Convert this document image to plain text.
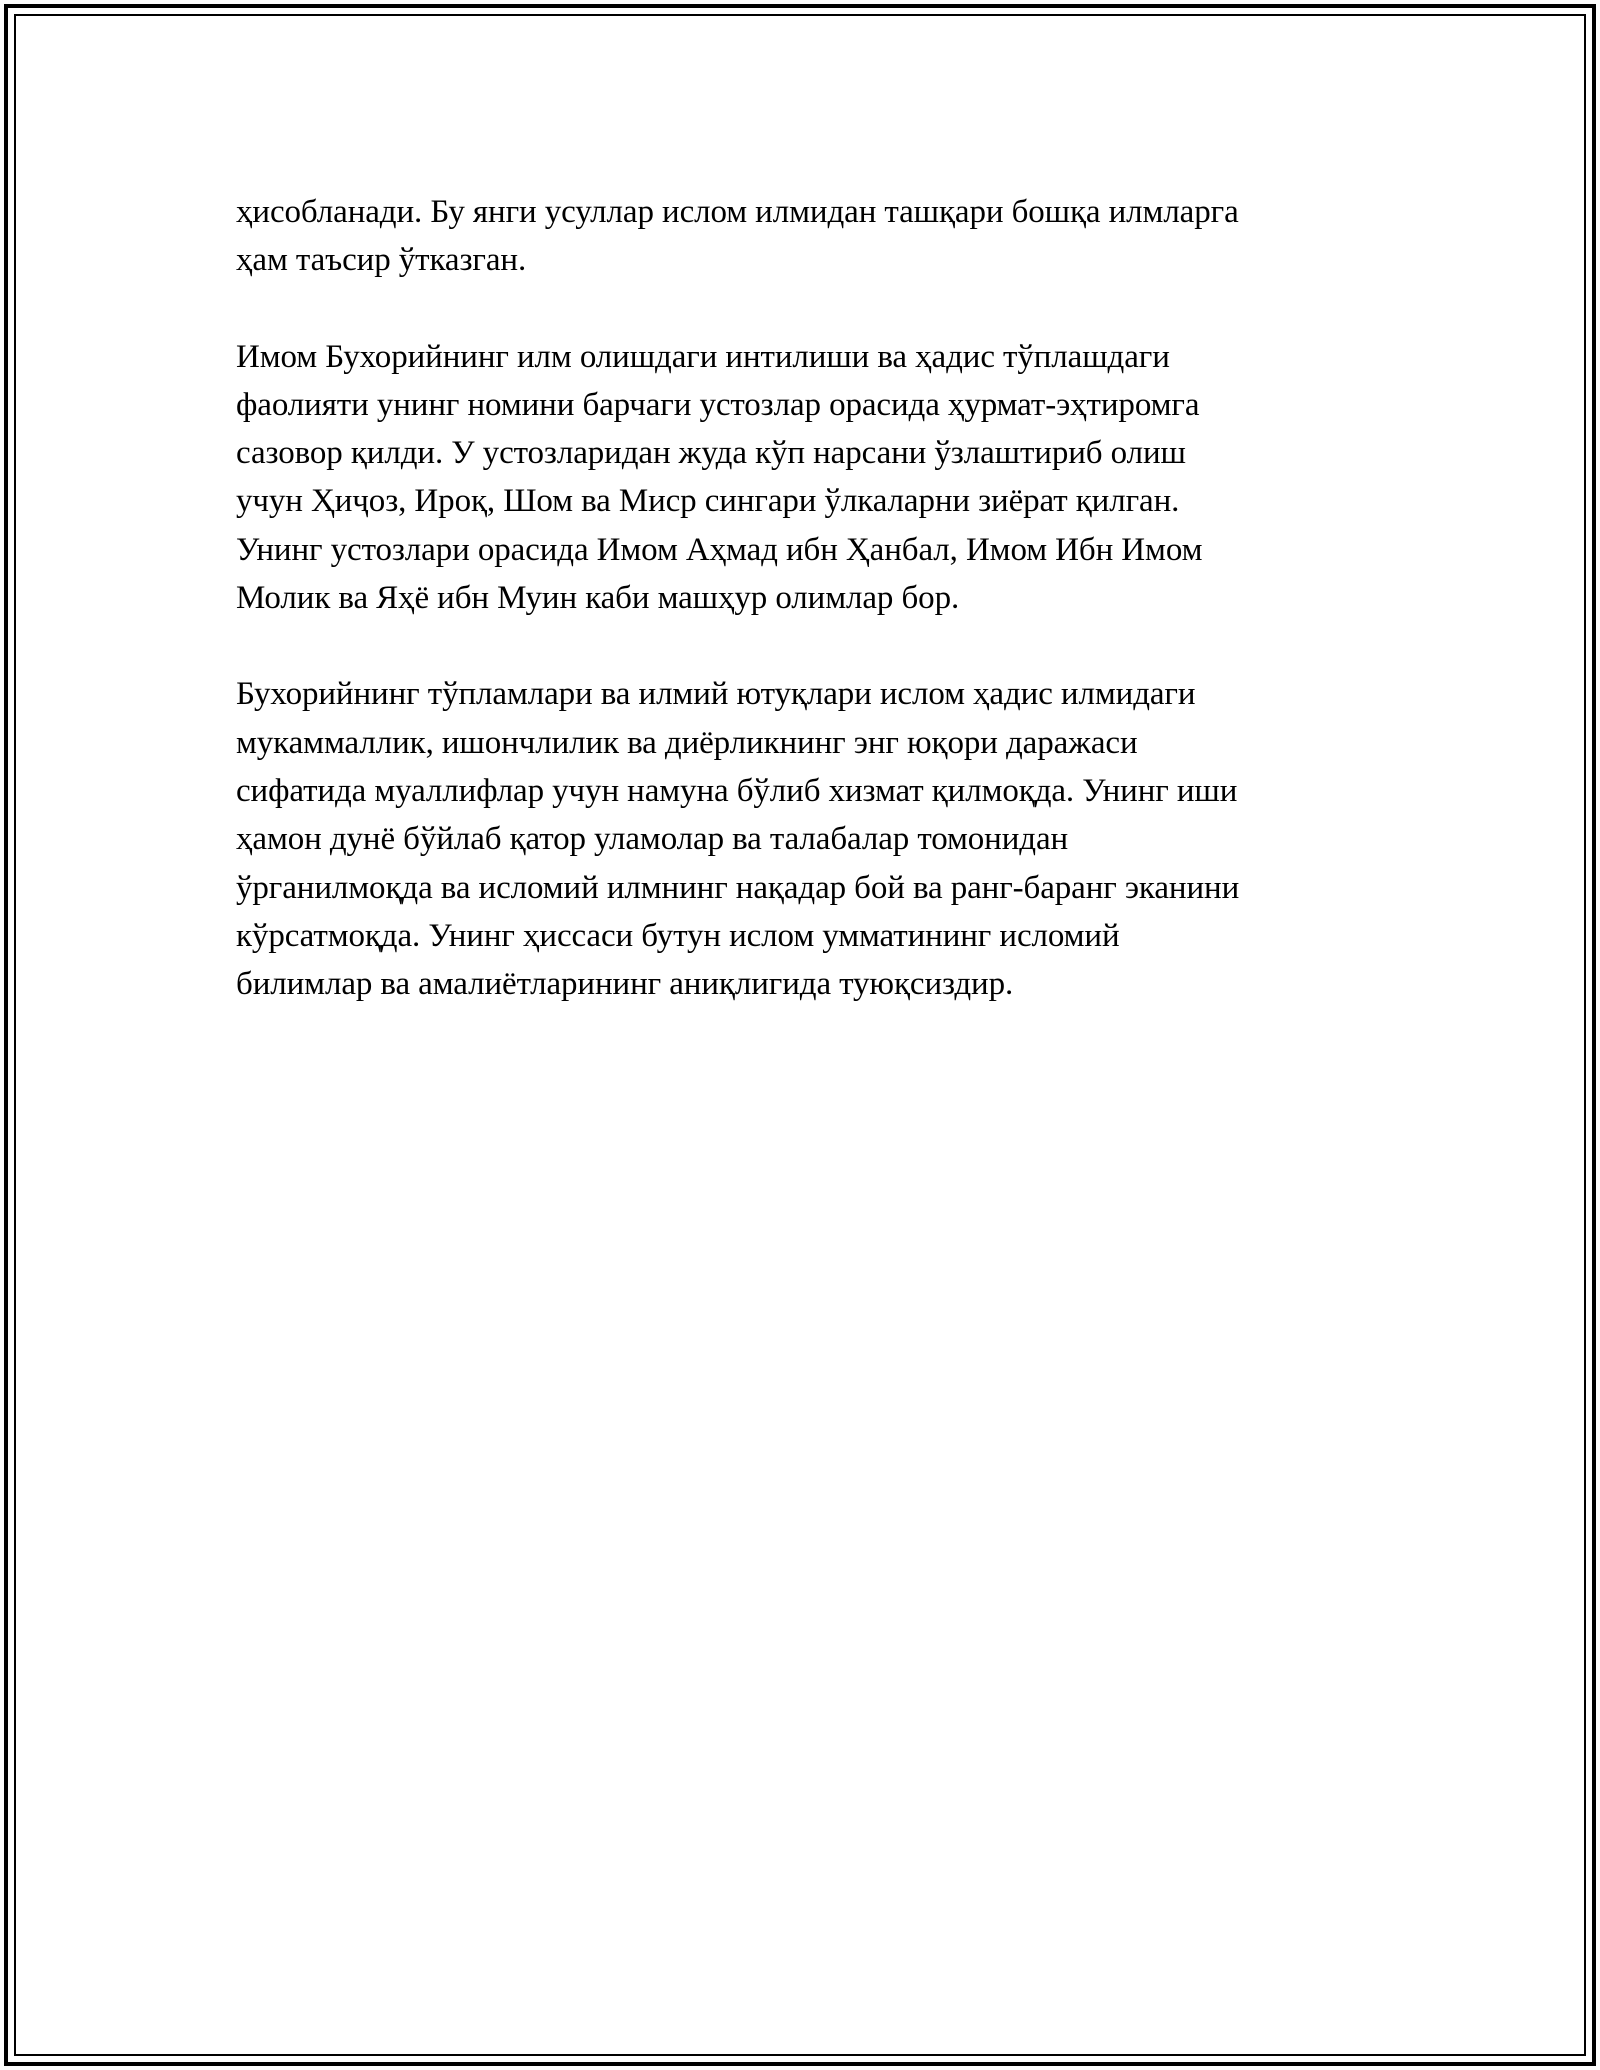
ҳисобланади. Бу янги усуллар ислом илмидан ташқари бошқа илмларга
ҳам таъсир ўтказган.

Имом Бухорийнинг илм олишдаги интилиши ва ҳадис тўплашдаги
фаолияти унинг номини барчаги устозлар орасида ҳурмат-эҳтиромга
сазовор қилди. У устозларидан жуда кўп нарсани ўзлаштириб олиш
учун Ҳиҷоз, Ироқ, Шом ва Миср сингари ўлкаларни зиёрат қилган.
Унинг устозлари орасида Имом Аҳмад ибн Ҳанбал, Имом Ибн Имом
Молик ва Яҳё ибн Муин каби машҳур олимлар бор.

Бухорийнинг тўпламлари ва илмий ютуқлари ислом ҳадис илмидаги
мукаммаллик, ишончлилик ва диёрликнинг энг юқори даражаси
сифатида муаллифлар учун намуна бўлиб хизмат қилмоқда. Унинг иши
ҳамон дунё бўйлаб қатор уламолар ва талабалар томонидан
ўрганилмоқда ва исломий илмнинг нақадар бой ва ранг-баранг эканини
кўрсатмоқда. Унинг ҳиссаси бутун ислом умматининг исломий
билимлар ва амалиётларининг аниқлигида туюқсиздир.
